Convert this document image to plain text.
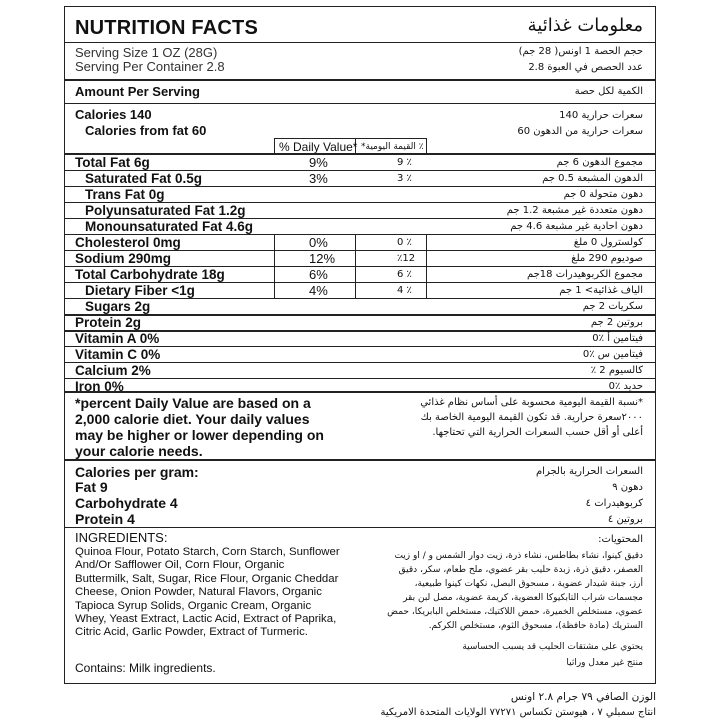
NUTRITION FACTS	معلومات غذائية
Serving Size 1 OZ (28G)
Serving Per Container 2.8
حجم الحصة 1 اونس( 28 جم)
عدد الحصص في العبوة 2.8
Amount Per Serving	الكمية لكل حصة
Calories 140
Calories from fat 60
سعرات حرارية 140
سعرات حرارية من الدهون 60
% Daily Value* ٪ القيمة اليومية*
Total Fat 6g	9%	٪ 9	مجموع الدهون 6 جم
Saturated Fat 0.5g	3%	٪ 3	الدهون المشبعة 0.5 جم
Trans Fat 0g	دهون متحولة 0 جم
Polyunsaturated Fat 1.2g	دهون متعددة غير مشبعة 1.2 جم
Monounsaturated Fat 4.6g	دهون احادية غير مشبعة 4.6 جم
Cholesterol 0mg	0%	٪ 0	كولسترول 0 ملغ
Sodium 290mg	12%	٪12	صوديوم 290 ملغ
Total Carbohydrate 18g	6%	٪ 6	مجموع الكربوهيدرات 18جم
Dietary Fiber <1g	4%	٪ 4	الياف غذائية> 1 جم
Sugars 2g	سكريات 2 جم
Protein 2g	بروتين 2 جم
Vitamin A 0%	فيتامين أ ٪0
Vitamin C 0%	فيتامين س ٪0
Calcium 2%	كالسيوم 2 ٪
Iron 0%	حديد ٪0
*percent Daily Value are based on a 2,000 calorie diet. Your daily values may be higher or lower depending on your calorie needs.
*نسبة القيمة اليومية محسوبة على أساس نظام غذائي ٢٠٠٠سعرة حرارية. قد تكون القيمة اليومية الخاصة بك أعلى أو أقل حسب السعرات الحرارية التي تحتاجها.
Calories per gram:
Fat 9
Carbohydrate 4
Protein 4
السعرات الحرارية بالجرام
دهون ٩
كربوهيدرات ٤
بروتين ٤
INGREDIENTS:
Quinoa Flour, Potato Starch, Corn Starch, Sunflower And/Or Safflower Oil, Corn Flour, Organic Buttermilk, Salt, Sugar, Rice Flour, Organic Cheddar Cheese, Onion Powder, Natural Flavors, Organic Tapioca Syrup Solids, Organic Cream, Organic Whey, Yeast Extract, Lactic Acid, Extract of Paprika, Citric Acid, Garlic Powder, Extract of Turmeric.
Contains: Milk ingredients.
المحتويات:
دقيق كينوا، نشاء بطاطس، نشاء ذرة، زيت دوار الشمس و / او زيت العصفر، دقيق ذرة، زبدة حليب بقر عضوي، ملح طعام، سكر، دقيق أرز، جبنة شيدار عضوية ، مسحوق البصل، نكهات كينوا طبيعية، مجسمات شراب التابكيوكا العضوية، كريمة عضوية، مصل لبن بقر عضوي، مستخلص الخميرة، حمض اللاكتيك، مستخلص البابريكا، حمض الستريك (مادة حافظة)، مسحوق الثوم، مستخلص الكركم.
يحتوي على مشتقات الحليب قد يسبب الحساسية
منتج غير معدل وراثيا
الوزن الصافي ٧٩ جرام ٢.٨ اونس
انتاج سمبلي ٧ ، هيوستن تكساس ٧٧٢٧١ الولايات المتحدة الامريكية
